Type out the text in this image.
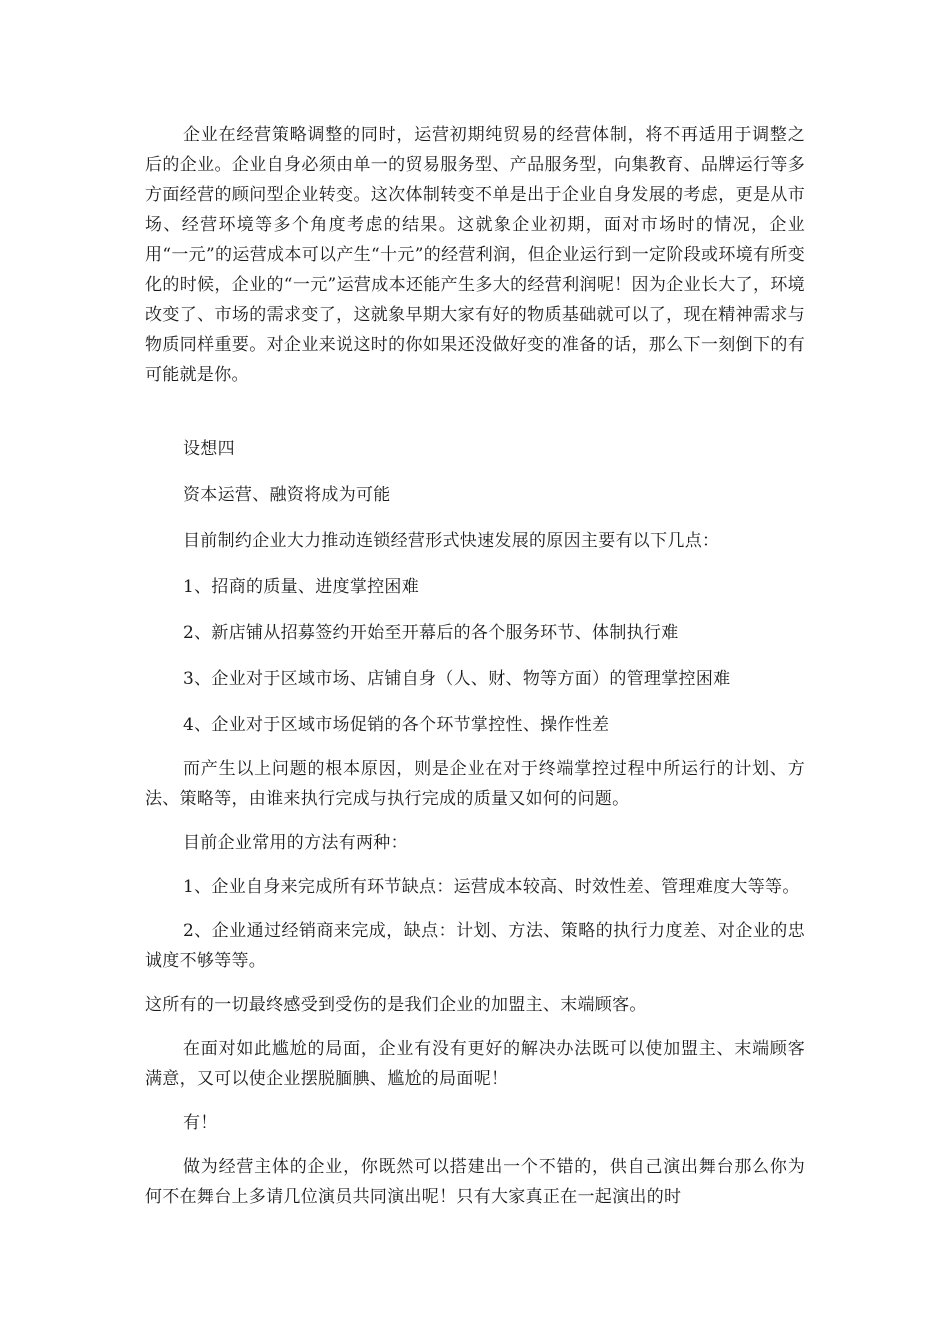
企业在经营策略调整的同时，运营初期纯贸易的经营体制，将不再适用于调整之后的企业。企业自身必须由单一的贸易服务型、产品服务型，向集教育、品牌运行等多方面经营的顾问型企业转变。这次体制转变不单是出于企业自身发展的考虑，更是从市场、经营环境等多个角度考虑的结果。这就象企业初期，面对市场时的情况，企业用“一元”的运营成本可以产生“十元”的经营利润，但企业运行到一定阶段或环境有所变化的时候，企业的“一元”运营成本还能产生多大的经营利润呢！因为企业长大了，环境改变了、市场的需求变了，这就象早期大家有好的物质基础就可以了，现在精神需求与物质同样重要。对企业来说这时的你如果还没做好变的准备的话，那么下一刻倒下的有可能就是你。

设想四

资本运营、融资将成为可能

目前制约企业大力推动连锁经营形式快速发展的原因主要有以下几点：

1、招商的质量、进度掌控困难

2、新店铺从招募签约开始至开幕后的各个服务环节、体制执行难

3、企业对于区域市场、店铺自身（人、财、物等方面）的管理掌控困难

4、企业对于区域市场促销的各个环节掌控性、操作性差

而产生以上问题的根本原因，则是企业在对于终端掌控过程中所运行的计划、方法、策略等，由谁来执行完成与执行完成的质量又如何的问题。

目前企业常用的方法有两种：

1、企业自身来完成所有环节缺点：运营成本较高、时效性差、管理难度大等等。

2、企业通过经销商来完成，缺点：计划、方法、策略的执行力度差、对企业的忠诚度不够等等。

这所有的一切最终感受到受伤的是我们企业的加盟主、末端顾客。

在面对如此尴尬的局面，企业有没有更好的解决办法既可以使加盟主、末端顾客满意，又可以使企业摆脱腼腆、尴尬的局面呢！

有！

做为经营主体的企业，你既然可以搭建出一个不错的，供自己演出舞台那么你为何不在舞台上多请几位演员共同演出呢！只有大家真正在一起演出的时
